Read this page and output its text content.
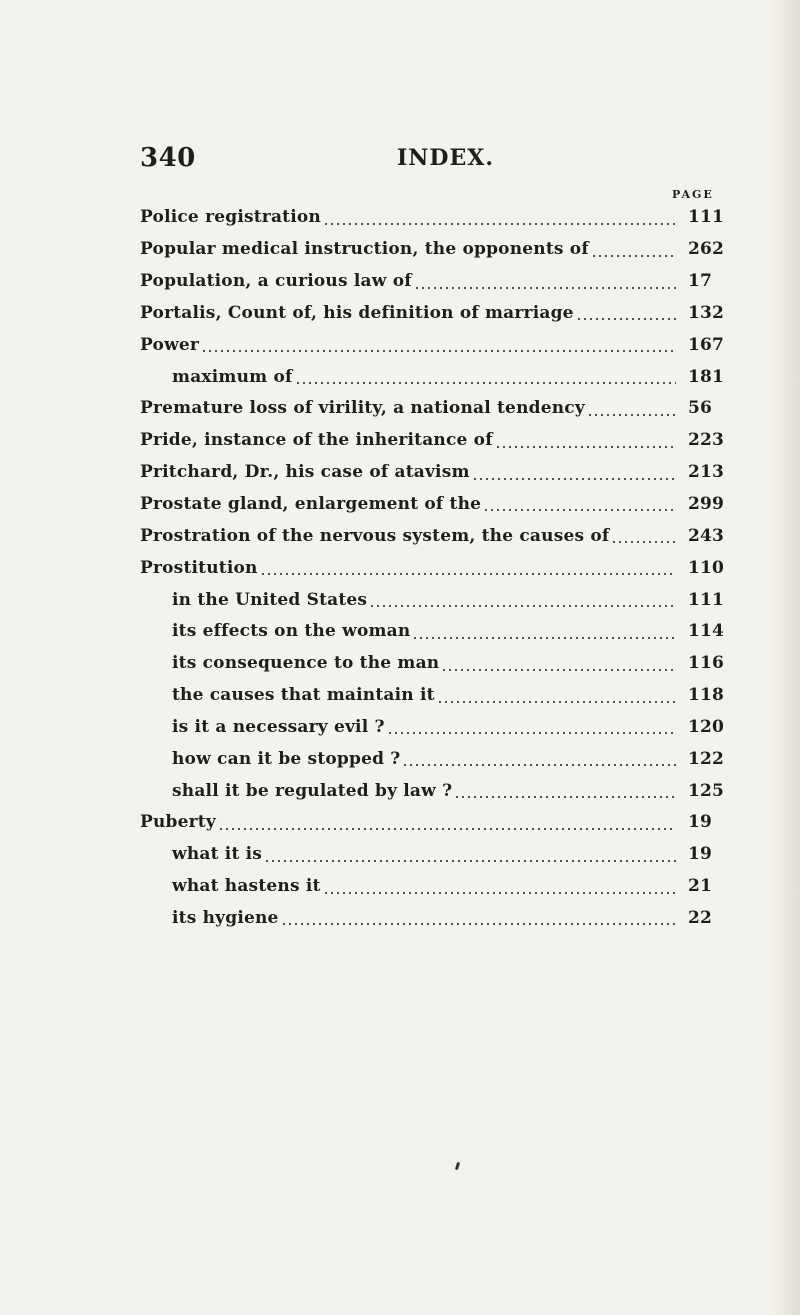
340	INDEX.
PAGE
Police registration	111
Popular medical instruction, the opponents of	262
Population, a curious law of	17
Portalis, Count of, his definition of marriage	132
Power	167
maximum of	181
Premature loss of virility, a national tendency	56
Pride, instance of the inheritance of	223
Pritchard, Dr., his case of atavism	213
Prostate gland, enlargement of the	299
Prostration of the nervous system, the causes of	243
Prostitution	110
in the United States	111
its effects on the woman	114
its consequence to the man	116
the causes that maintain it	118
is it a necessary evil ?	120
how can it be stopped ?	122
shall it be regulated by law ?	125
Puberty	19
what it is	19
what hastens it	21
its hygiene	22
